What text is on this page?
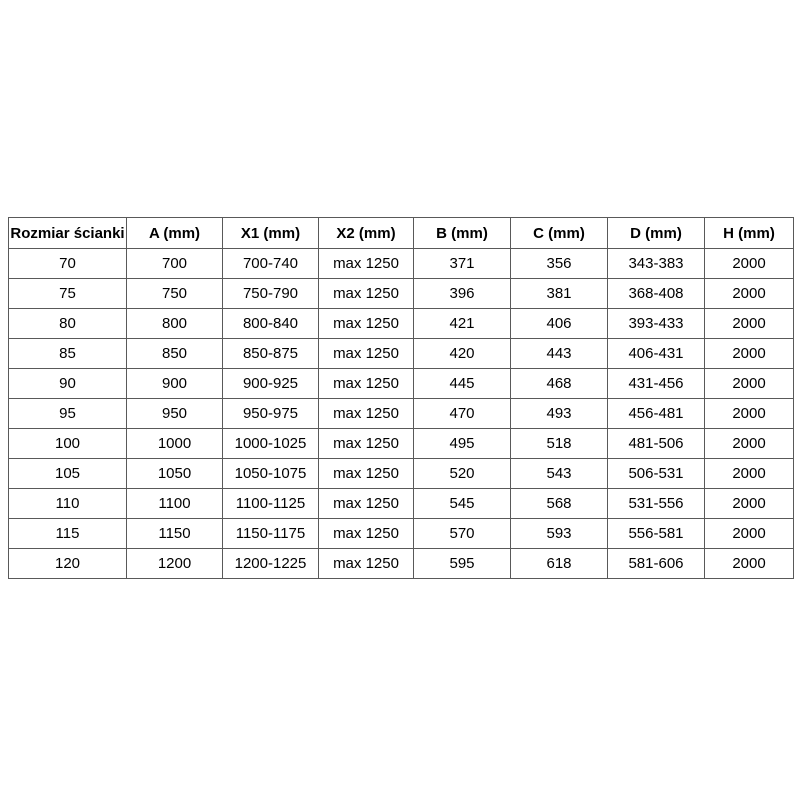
Rozmiar ścianki	A (mm)	X1 (mm)	X2 (mm)	B (mm)	C (mm)	D (mm)	H (mm)
70	700	700-740	max 1250	371	356	343-383	2000
75	750	750-790	max 1250	396	381	368-408	2000
80	800	800-840	max 1250	421	406	393-433	2000
85	850	850-875	max 1250	420	443	406-431	2000
90	900	900-925	max 1250	445	468	431-456	2000
95	950	950-975	max 1250	470	493	456-481	2000
100	1000	1000-1025	max 1250	495	518	481-506	2000
105	1050	1050-1075	max 1250	520	543	506-531	2000
110	1100	1100-1125	max 1250	545	568	531-556	2000
115	1150	1150-1175	max 1250	570	593	556-581	2000
120	1200	1200-1225	max 1250	595	618	581-606	2000
